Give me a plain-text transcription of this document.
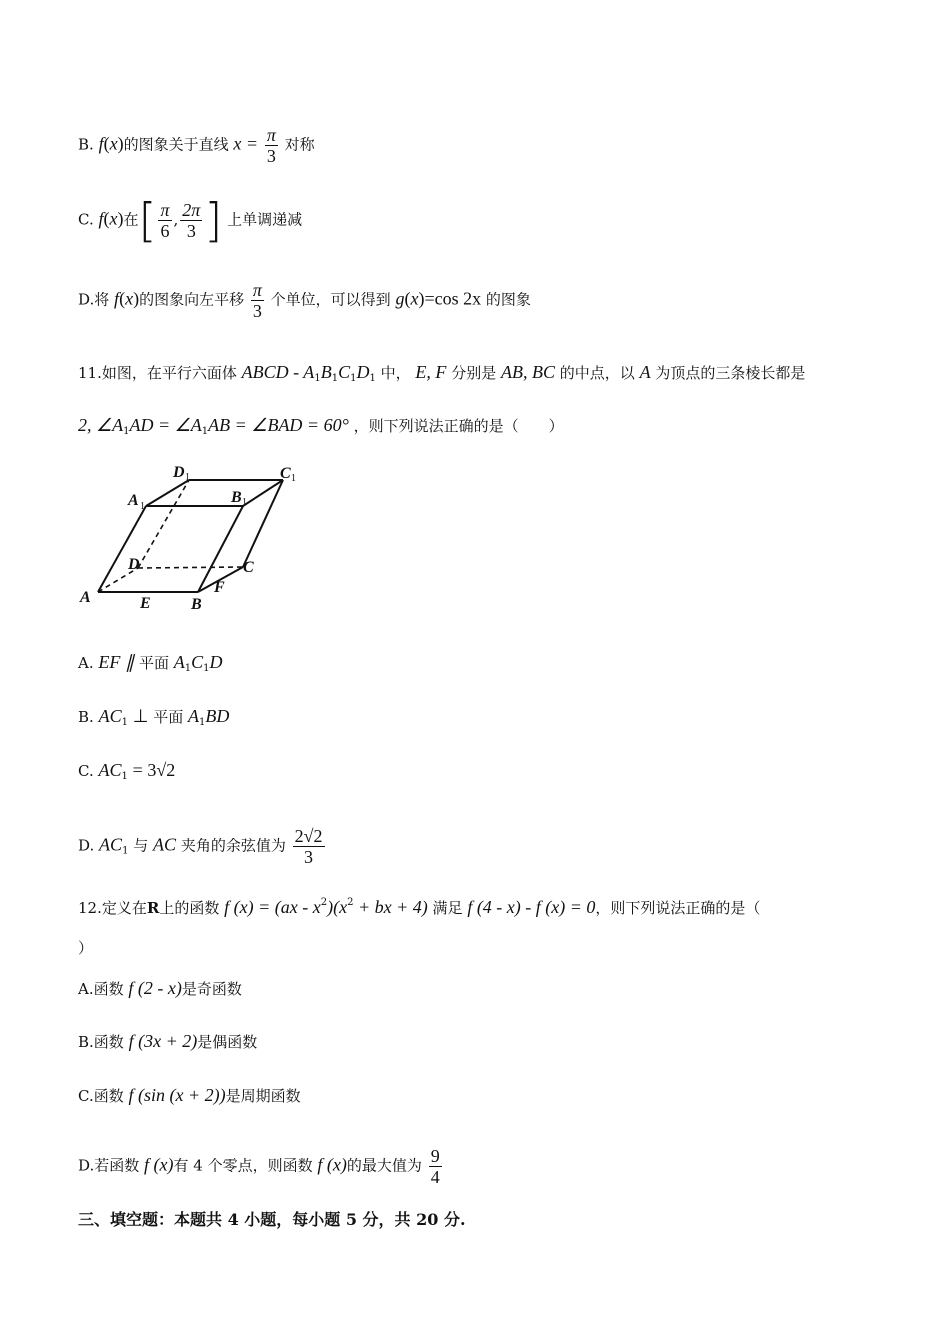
B. f(x)的图象关于直线 $x = \frac{\pi}{3}$ 对称
C. f(x)在[ $\frac{\pi}{6}$ , $\frac{2\pi}{3}$ ] 上单调递减
D.将 f(x)的图象向左平移 $\frac{\pi}{3}$ 个单位，可以得到 g(x)=cos 2x 的图象
11.如图，在平行六面体 ABCD - $A_1B_1C_1D_1$ 中， E, F 分别是 AB, BC 的中点，以 A 为顶点的三条棱长都是
2, $\angle A_1AD$ = $\angle A_1AB$ = ∠BAD = 60° ，则下列说法正确的是（　　）
A	B
C
D
E
F
A	B
C
D
1	1
1
1
A. EF ∥ 平面 $A_1C_1D$
B. $AC_1$ ⊥ 平面 $A_1BD$
C. $AC_1 = 3√2$
D. $AC_1$ 与 AC 夹角的余弦值为 $\frac{2√2}{3}$
12.定义在R上的函数 f $(x) = (ax - x^2)(x^2$ + bx + 4) 满足 f (4 - x) - f (x) = 0，则下列说法正确的是（
）
A.函数 f (2 - x)是奇函数
B.函数 f (3x + 2)是偶函数
C.函数 f (sin (x + 2))是周期函数
D.若函数 f (x)有 4 个零点，则函数 f (x)的最大值为 $\frac{9}{4}$
三、填空题：本题共 4 小题，每小题 5 分，共 20 分.
